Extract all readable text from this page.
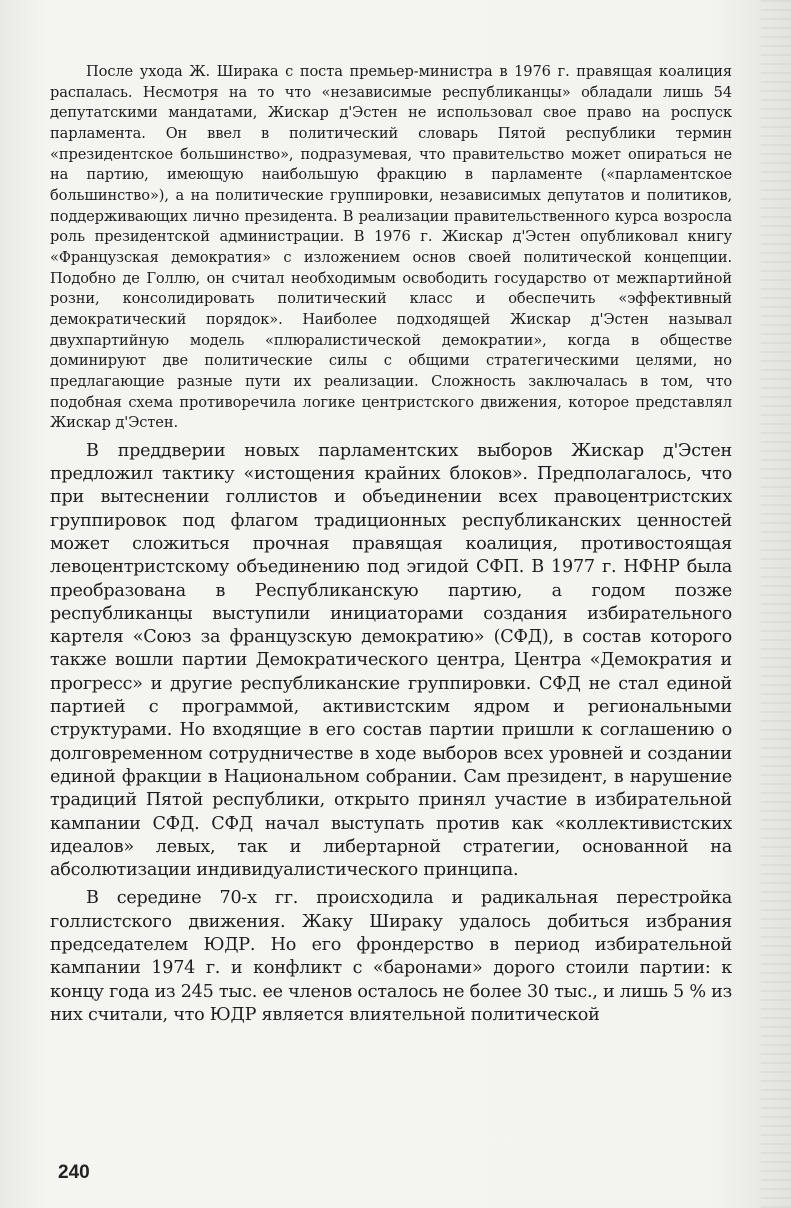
После ухода Ж. Ширака с поста премьер-министра в 1976 г. правящая коалиция распалась. Несмотря на то что «независимые республиканцы» обладали лишь 54 депутатскими мандатами, Жискар д'Эстен не использовал свое право на роспуск парламента. Он ввел в политический словарь Пятой республики термин «президентское большинство», подразумевая, что правительство может опираться не на партию, имеющую наибольшую фракцию в парламенте («парламентское большинство»), а на политические группировки, независимых депутатов и политиков, поддерживающих лично президента. В реализации правительственного курса возросла роль президентской администрации. В 1976 г. Жискар д'Эстен опубликовал книгу «Французская демократия» с изложением основ своей политической концепции. Подобно де Голлю, он считал необходимым освободить государство от межпартийной розни, консолидировать политический класс и обеспечить «эффективный демократический порядок». Наиболее подходящей Жискар д'Эстен называл двухпартийную модель «плюралистической демократии», когда в обществе доминируют две политические силы с общими стратегическими целями, но предлагающие разные пути их реализации. Сложность заключалась в том, что подобная схема противоречила логике центристского движения, которое представлял Жискар д'Эстен.

В преддверии новых парламентских выборов Жискар д'Эстен предложил тактику «истощения крайних блоков». Предполагалось, что при вытеснении голлистов и объединении всех правоцентристских группировок под флагом традиционных республиканских ценностей может сложиться прочная правящая коалиция, противостоящая левоцентристскому объединению под эгидой СФП. В 1977 г. НФНР была преобразована в Республиканскую партию, а годом позже республиканцы выступили инициаторами создания избирательного картеля «Союз за французскую демократию» (СФД), в состав которого также вошли партии Демократического центра, Центра «Демократия и прогресс» и другие республиканские группировки. СФД не стал единой партией с программой, активистским ядром и региональными структурами. Но входящие в его состав партии пришли к соглашению о долговременном сотрудничестве в ходе выборов всех уровней и создании единой фракции в Национальном собрании. Сам президент, в нарушение традиций Пятой республики, открыто принял участие в избирательной кампании СФД. СФД начал выступать против как «коллективистских идеалов» левых, так и либертарной стратегии, основанной на абсолютизации индивидуалистического принципа.

В середине 70-х гг. происходила и радикальная перестройка голлистского движения. Жаку Шираку удалось добиться избрания председателем ЮДР. Но его фрондерство в период избирательной кампании 1974 г. и конфликт с «баронами» дорого стоили партии: к концу года из 245 тыс. ее членов осталось не более 30 тыс., и лишь 5 % из них считали, что ЮДР является влиятельной политической

240
